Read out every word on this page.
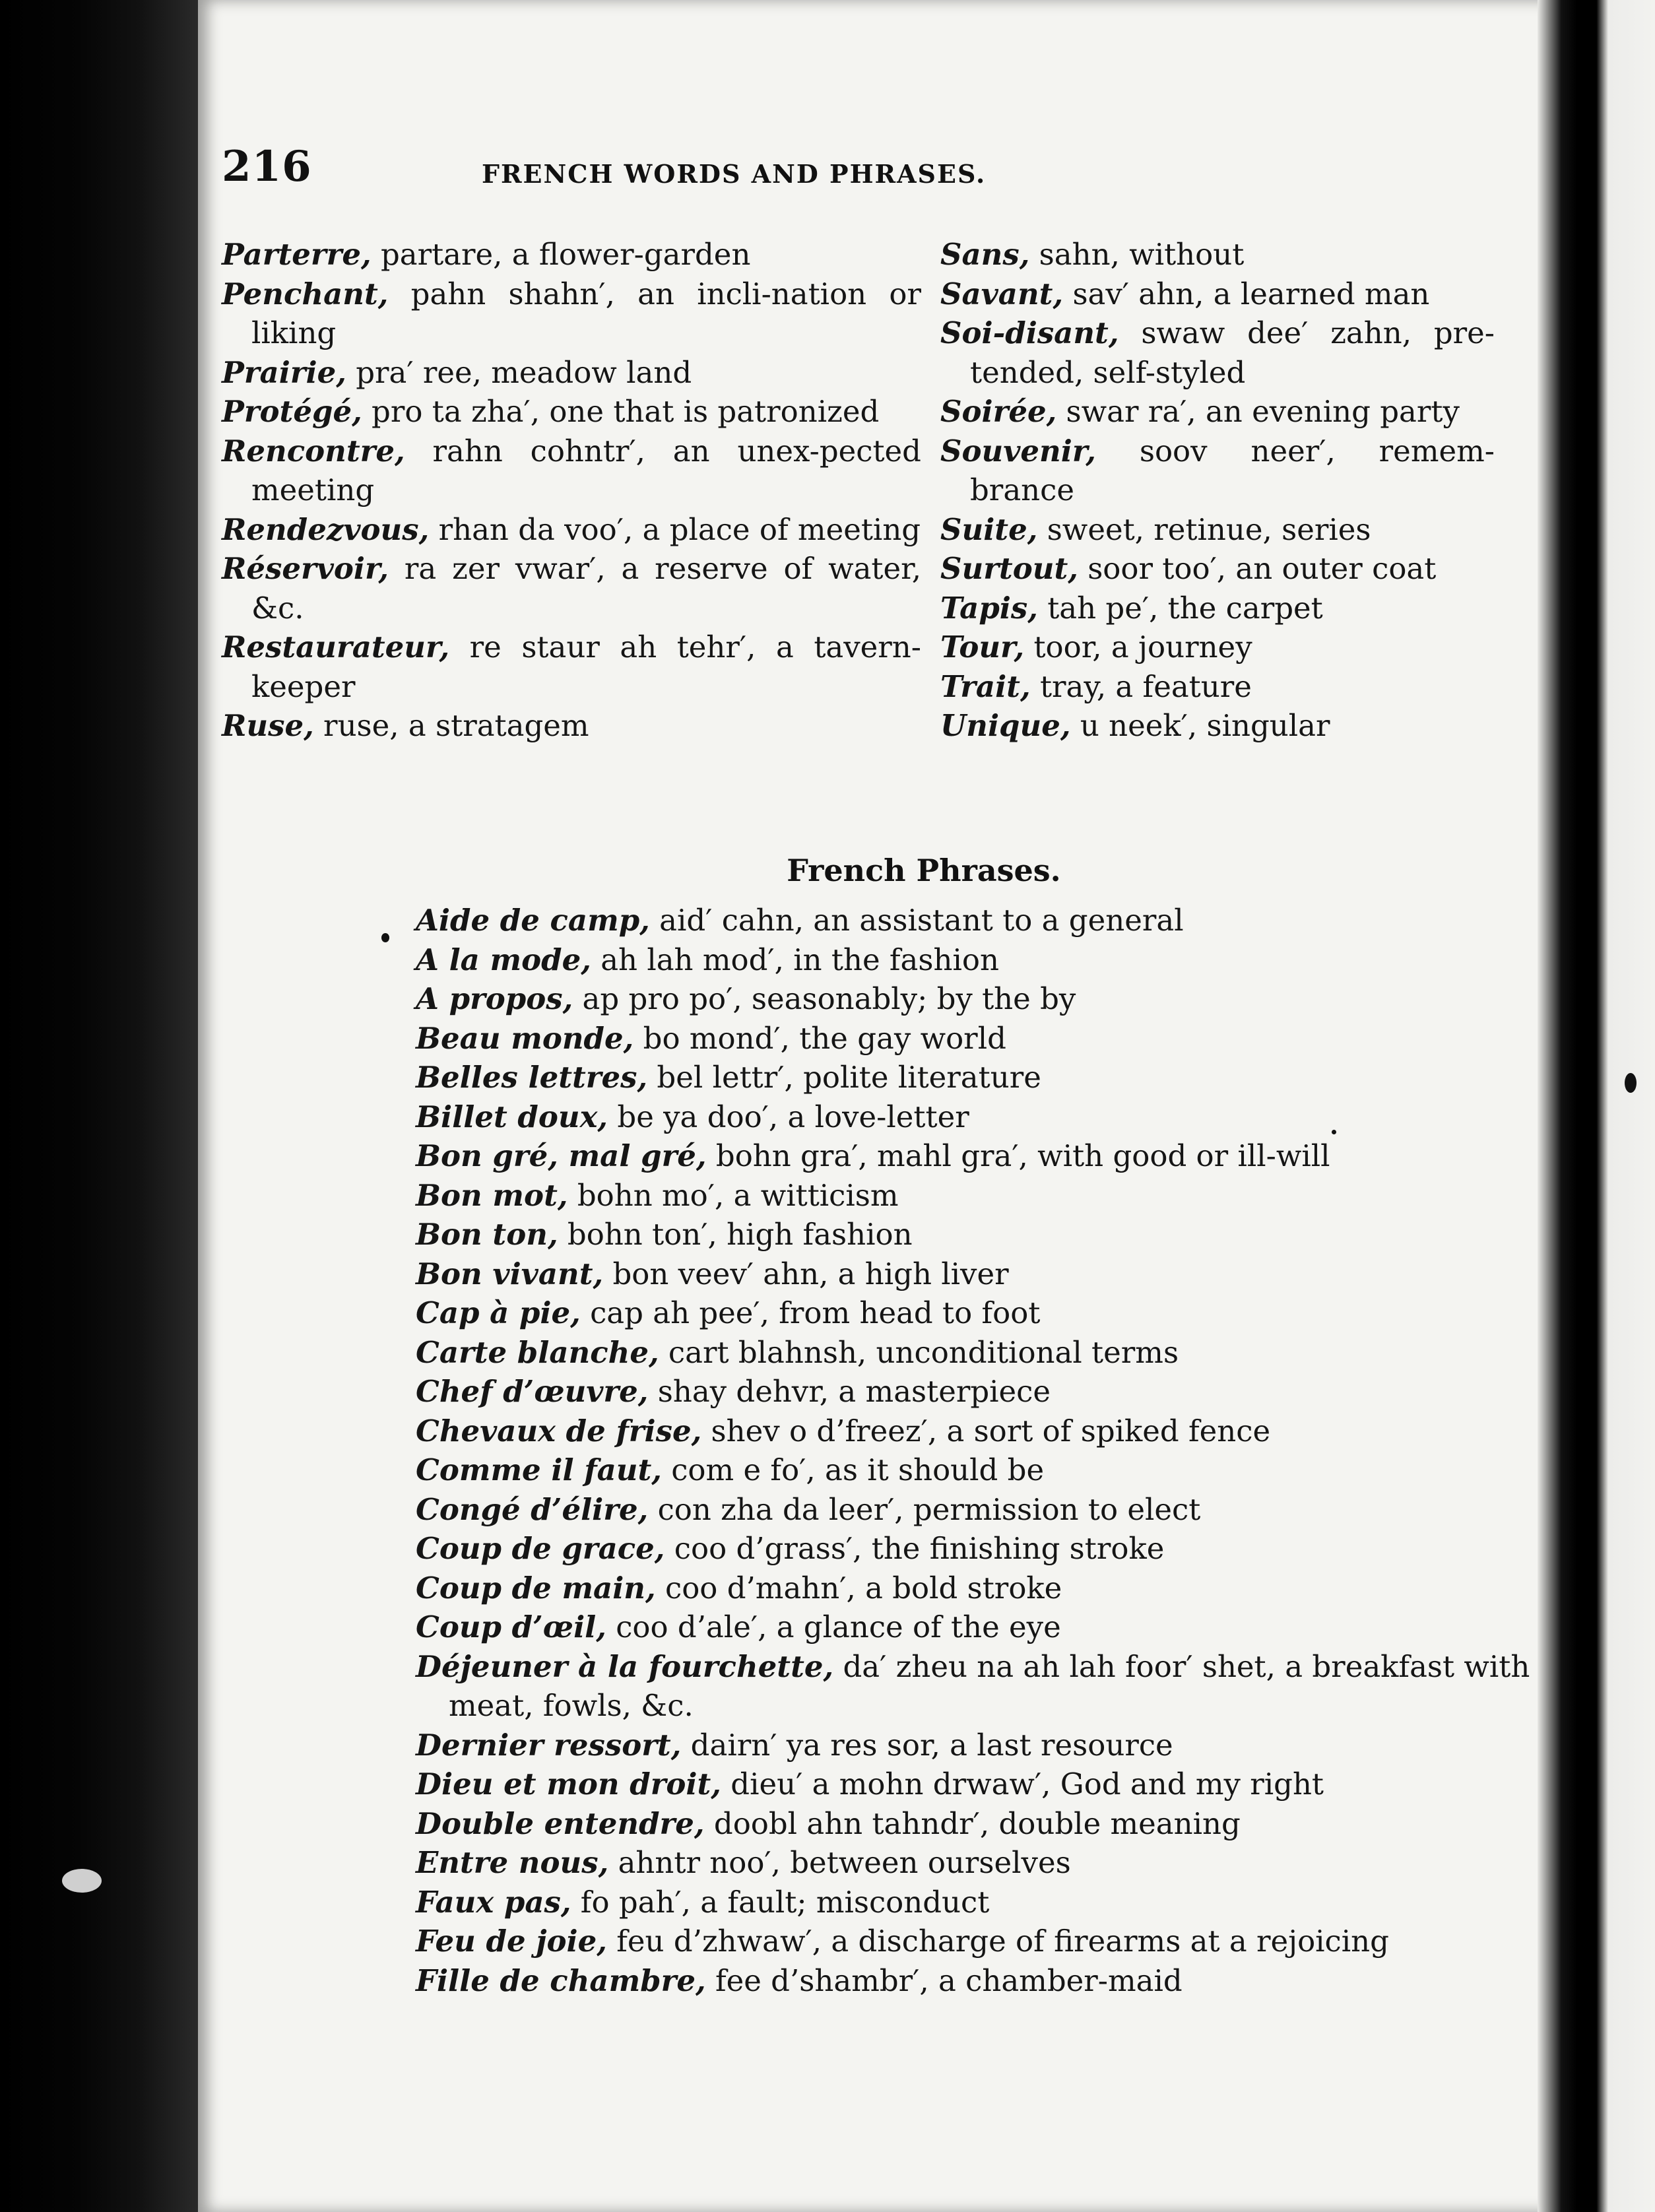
216	FRENCH WORDS AND PHRASES.
Parterre, partare, a flower-garden
Penchant, pahn shahn′, an incli-nation or liking
Prairie, pra′ ree, meadow land
Protégé, pro ta zha′, one that is patronized
Rencontre, rahn cohntr′, an unex-pected meeting
Rendezvous, rhan da voo′, a place of meeting
Réservoir, ra zer vwar′, a reserve of water, &c.
Restaurateur, re staur ah tehr′, a tavern-keeper
Ruse, ruse, a stratagem
Sans, sahn, without
Savant, sav′ ahn, a learned man
Soi-disant, swaw dee′ zahn, pre-tended, self-styled
Soirée, swar ra′, an evening party
Souvenir, soov neer′, remem-brance
Suite, sweet, retinue, series
Surtout, soor too′, an outer coat
Tapis, tah pe′, the carpet
Tour, toor, a journey
Trait, tray, a feature
Unique, u neek′, singular
French Phrases.
Aide de camp, aid′ cahn, an assistant to a general
A la mode, ah lah mod′, in the fashion
A propos, ap pro po′, seasonably; by the by
Beau monde, bo mond′, the gay world
Belles lettres, bel lettr′, polite literature
Billet doux, be ya doo′, a love-letter
Bon gré, mal gré, bohn gra′, mahl gra′, with good or ill-will
Bon mot, bohn mo′, a witticism
Bon ton, bohn ton′, high fashion
Bon vivant, bon veev′ ahn, a high liver
Cap à pie, cap ah pee′, from head to foot
Carte blanche, cart blahnsh, unconditional terms
Chef d’œuvre, shay dehvr, a masterpiece
Chevaux de frise, shev o d’freez′, a sort of spiked fence
Comme il faut, com e fo′, as it should be
Congé d’élire, con zha da leer′, permission to elect
Coup de grace, coo d’grass′, the finishing stroke
Coup de main, coo d’mahn′, a bold stroke
Coup d’œil, coo d’ale′, a glance of the eye
Déjeuner à la fourchette, da′ zheu na ah lah foor′ shet, a breakfast with meat, fowls, &c.
Dernier ressort, dairn′ ya res sor, a last resource
Dieu et mon droit, dieu′ a mohn drwaw′, God and my right
Double entendre, doobl ahn tahndr′, double meaning
Entre nous, ahntr noo′, between ourselves
Faux pas, fo pah′, a fault; misconduct
Feu de joie, feu d’zhwaw′, a discharge of firearms at a rejoicing
Fille de chambre, fee d’shambr′, a chamber-maid
